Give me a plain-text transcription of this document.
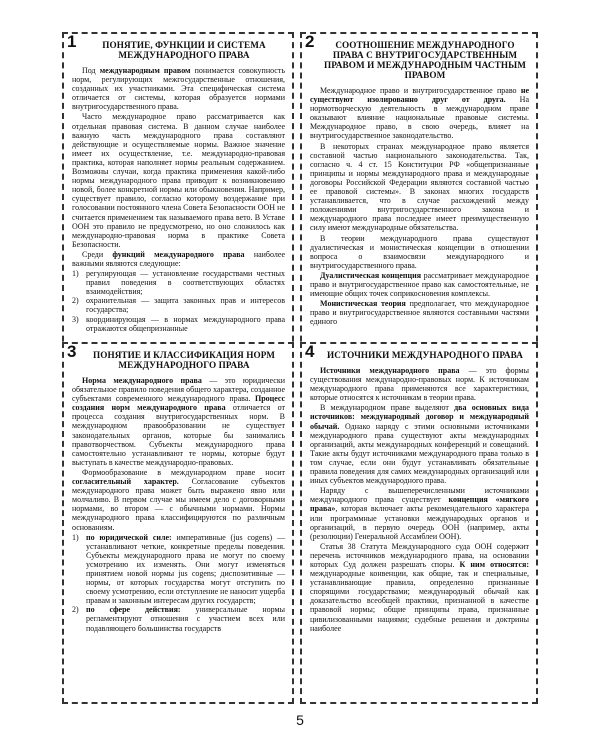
1	ПОНЯТИЕ, ФУНКЦИИ И СИСТЕМА МЕЖДУНАРОДНОГО ПРАВА

Под международным правом понимается совокупность норм, регулирующих межгосударственные отношения, созданных их участниками. Эта специфическая система отличается от системы, которая образуется нормами внутригосударственного права.

Часто международное право рассматривается как отдельная правовая система. В данном случае наиболее важную часть международного права составляют действующие и осуществляемые нормы. Важное значение имеет их осуществление, т.е. международно-правовая практика, которая наполняет нормы реальным содержанием. Возможны случаи, когда практика применения какой-либо нормы международного права приводит к возникновению новой, более конкретной нормы или обыкновения. Например, существует правило, согласно которому воздержание при голосовании постоянного члена Совета Безопасности ООН не считается применением так называемого права вето. В Уставе ООН это правило не предусмотрено, но оно сложилось как международно-правовая норма в практике Совета Безопасности.

Среди функций международного права наиболее важными являются следующие:

1) регулирующая — установление государствами честных правил поведения в соответствующих областях взаимодействия;
2) охранительная — защита законных прав и интересов государства;
3) координирующая — в нормах международного права отражаются общепризнанные
2	СООТНОШЕНИЕ МЕЖДУНАРОДНОГО ПРАВА С ВНУТРИГОСУДАРСТВЕННЫМ ПРАВОМ И МЕЖДУНАРОДНЫМ ЧАСТНЫМ ПРАВОМ

Международное право и внутригосударственное право не существуют изолированно друг от друга. На нормотворческую деятельность в международном праве оказывают влияние национальные правовые системы. Международное право, в свою очередь, влияет на внутригосударственное законодательство.

В некоторых странах международное право является составной частью национального законодательства. Так, согласно ч. 4 ст. 15 Конституции РФ «общепризнанные принципы и нормы международного права и международные договоры Российской Федерации являются составной частью ее правовой системы». В законах многих государств устанавливается, что в случае расхождений между положениями внутригосударственного закона и международного права последнее имеет преимущественную силу имеют международные обязательства.

В теории международного права существуют дуалистическая и монистическая концепции в отношении вопроса о взаимосвязи международного и внутригосударственного права.

Дуалистическая концепция рассматривает международное право и внутригосударственное право как самостоятельные, не имеющие общих точек соприкосновения комплексы.

Монистическая теория предполагает, что международное право и внутригосударственное являются составными частями единого

3	ПОНЯТИЕ И КЛАССИФИКАЦИЯ НОРМ МЕЖДУНАРОДНОГО ПРАВА

Норма международного права — это юридически обязательное правило поведения общего характера, созданное субъектами современного международного права. Процесс создания норм международного права отличается от процесса создания внутригосударственных норм. В международном правообразовании не существует законодательных органов, которые бы занимались правотворчеством. Субъекты международного права самостоятельно устанавливают те нормы, которые будут выступать в качестве международно-правовых.

Формообразование в международном праве носит согласительный характер. Согласование субъектов международного права может быть выражено явно или молчаливо. В первом случае мы имеем дело с договорными нормами, во втором — с обычными нормами. Нормы международного права классифицируются по различным основаниям.

1) по юридической силе: императивные (jus cogens) — устанавливают четкие, конкретные пределы поведения. Субъекты международного права не могут по своему усмотрению их изменять. Они могут изменяться принятием новой нормы jus cogens; диспозитивные — нормы, от которых государства могут отступить по своему усмотрению, если отступление не наносит ущерба правам и законным интересам других государств;
2) по сфере действия: универсальные нормы регламентируют отношения с участием всех или подавляющего большинства государств
4	ИСТОЧНИКИ МЕЖДУНАРОДНОГО ПРАВА

Источники международного права — это формы существования международно-правовых норм. К источникам международного права применяются все характеристики, которые относятся к источникам в теории права.

В международном праве выделяют два основных вида источников: международный договор и международный обычай. Однако наряду с этими основными источниками международного права существуют акты международных организаций, акты международных конференций и совещаний. Такие акты будут источниками международного права только в том случае, если они будут устанавливать обязательные правила поведения для самих международных организаций или иных субъектов международного права.

Наряду с вышеперечисленными источниками международного права существует концепция «мягкого права», которая включает акты рекомендательного характера или программные установки международных органов и организаций, в первую очередь ООН (например, акты (резолюции) Генеральной Ассамблеи ООН).

Статья 38 Статута Международного суда ООН содержит перечень источников международного права, на основании которых Суд должен разрешать споры. К ним относятся: международные конвенции, как общие, так и специальные, устанавливающие правила, определенно признанные спорящими государствами; международный обычай как доказательство всеобщей практики, признанной в качестве правовой нормы; общие принципы права, признанные цивилизованными нациями; судебные решения и доктрины наиболее

5
